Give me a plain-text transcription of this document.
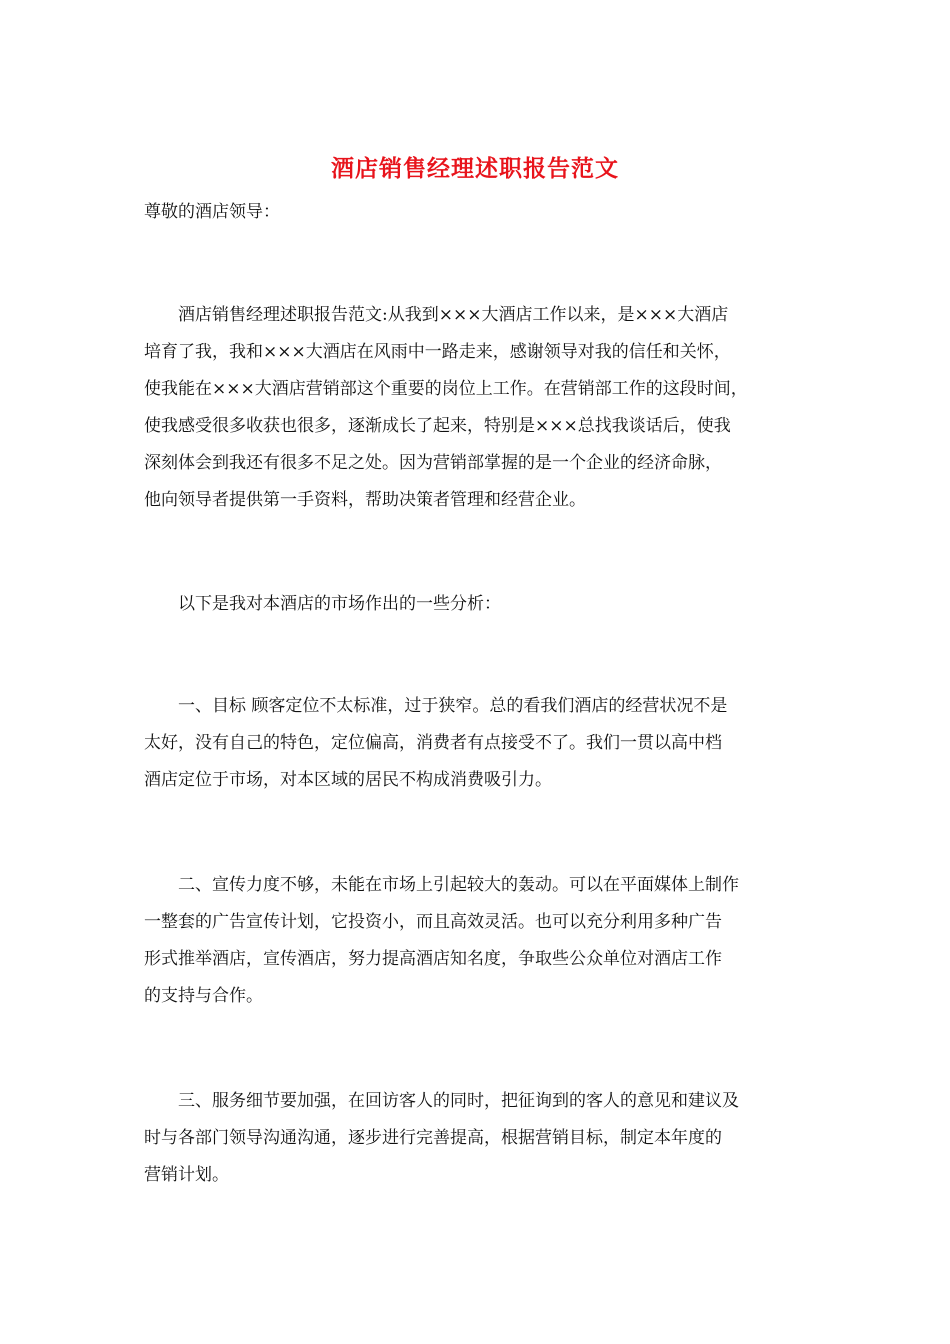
酒店销售经理述职报告范文
尊敬的酒店领导：
　　酒店销售经理述职报告范文:从我到×××大酒店工作以来，是×××大酒店
培育了我，我和×××大酒店在风雨中一路走来，感谢领导对我的信任和关怀，
使我能在×××大酒店营销部这个重要的岗位上工作。在营销部工作的这段时间，
使我感受很多收获也很多，逐渐成长了起来，特别是×××总找我谈话后，使我
深刻体会到我还有很多不足之处。因为营销部掌握的是一个企业的经济命脉，
他向领导者提供第一手资料，帮助决策者管理和经营企业。
　　以下是我对本酒店的市场作出的一些分析：
　　一、目标 顾客定位不太标准，过于狭窄。总的看我们酒店的经营状况不是
太好，没有自己的特色，定位偏高，消费者有点接受不了。我们一贯以高中档
酒店定位于市场，对本区域的居民不构成消费吸引力。
　　二、宣传力度不够，未能在市场上引起较大的轰动。可以在平面媒体上制作
一整套的广告宣传计划，它投资小，而且高效灵活。也可以充分利用多种广告
形式推举酒店，宣传酒店，努力提高酒店知名度，争取些公众单位对酒店工作
的支持与合作。
　　三、服务细节要加强，在回访客人的同时，把征询到的客人的意见和建议及
时与各部门领导沟通沟通，逐步进行完善提高，根据营销目标，制定本年度的
营销计划。
